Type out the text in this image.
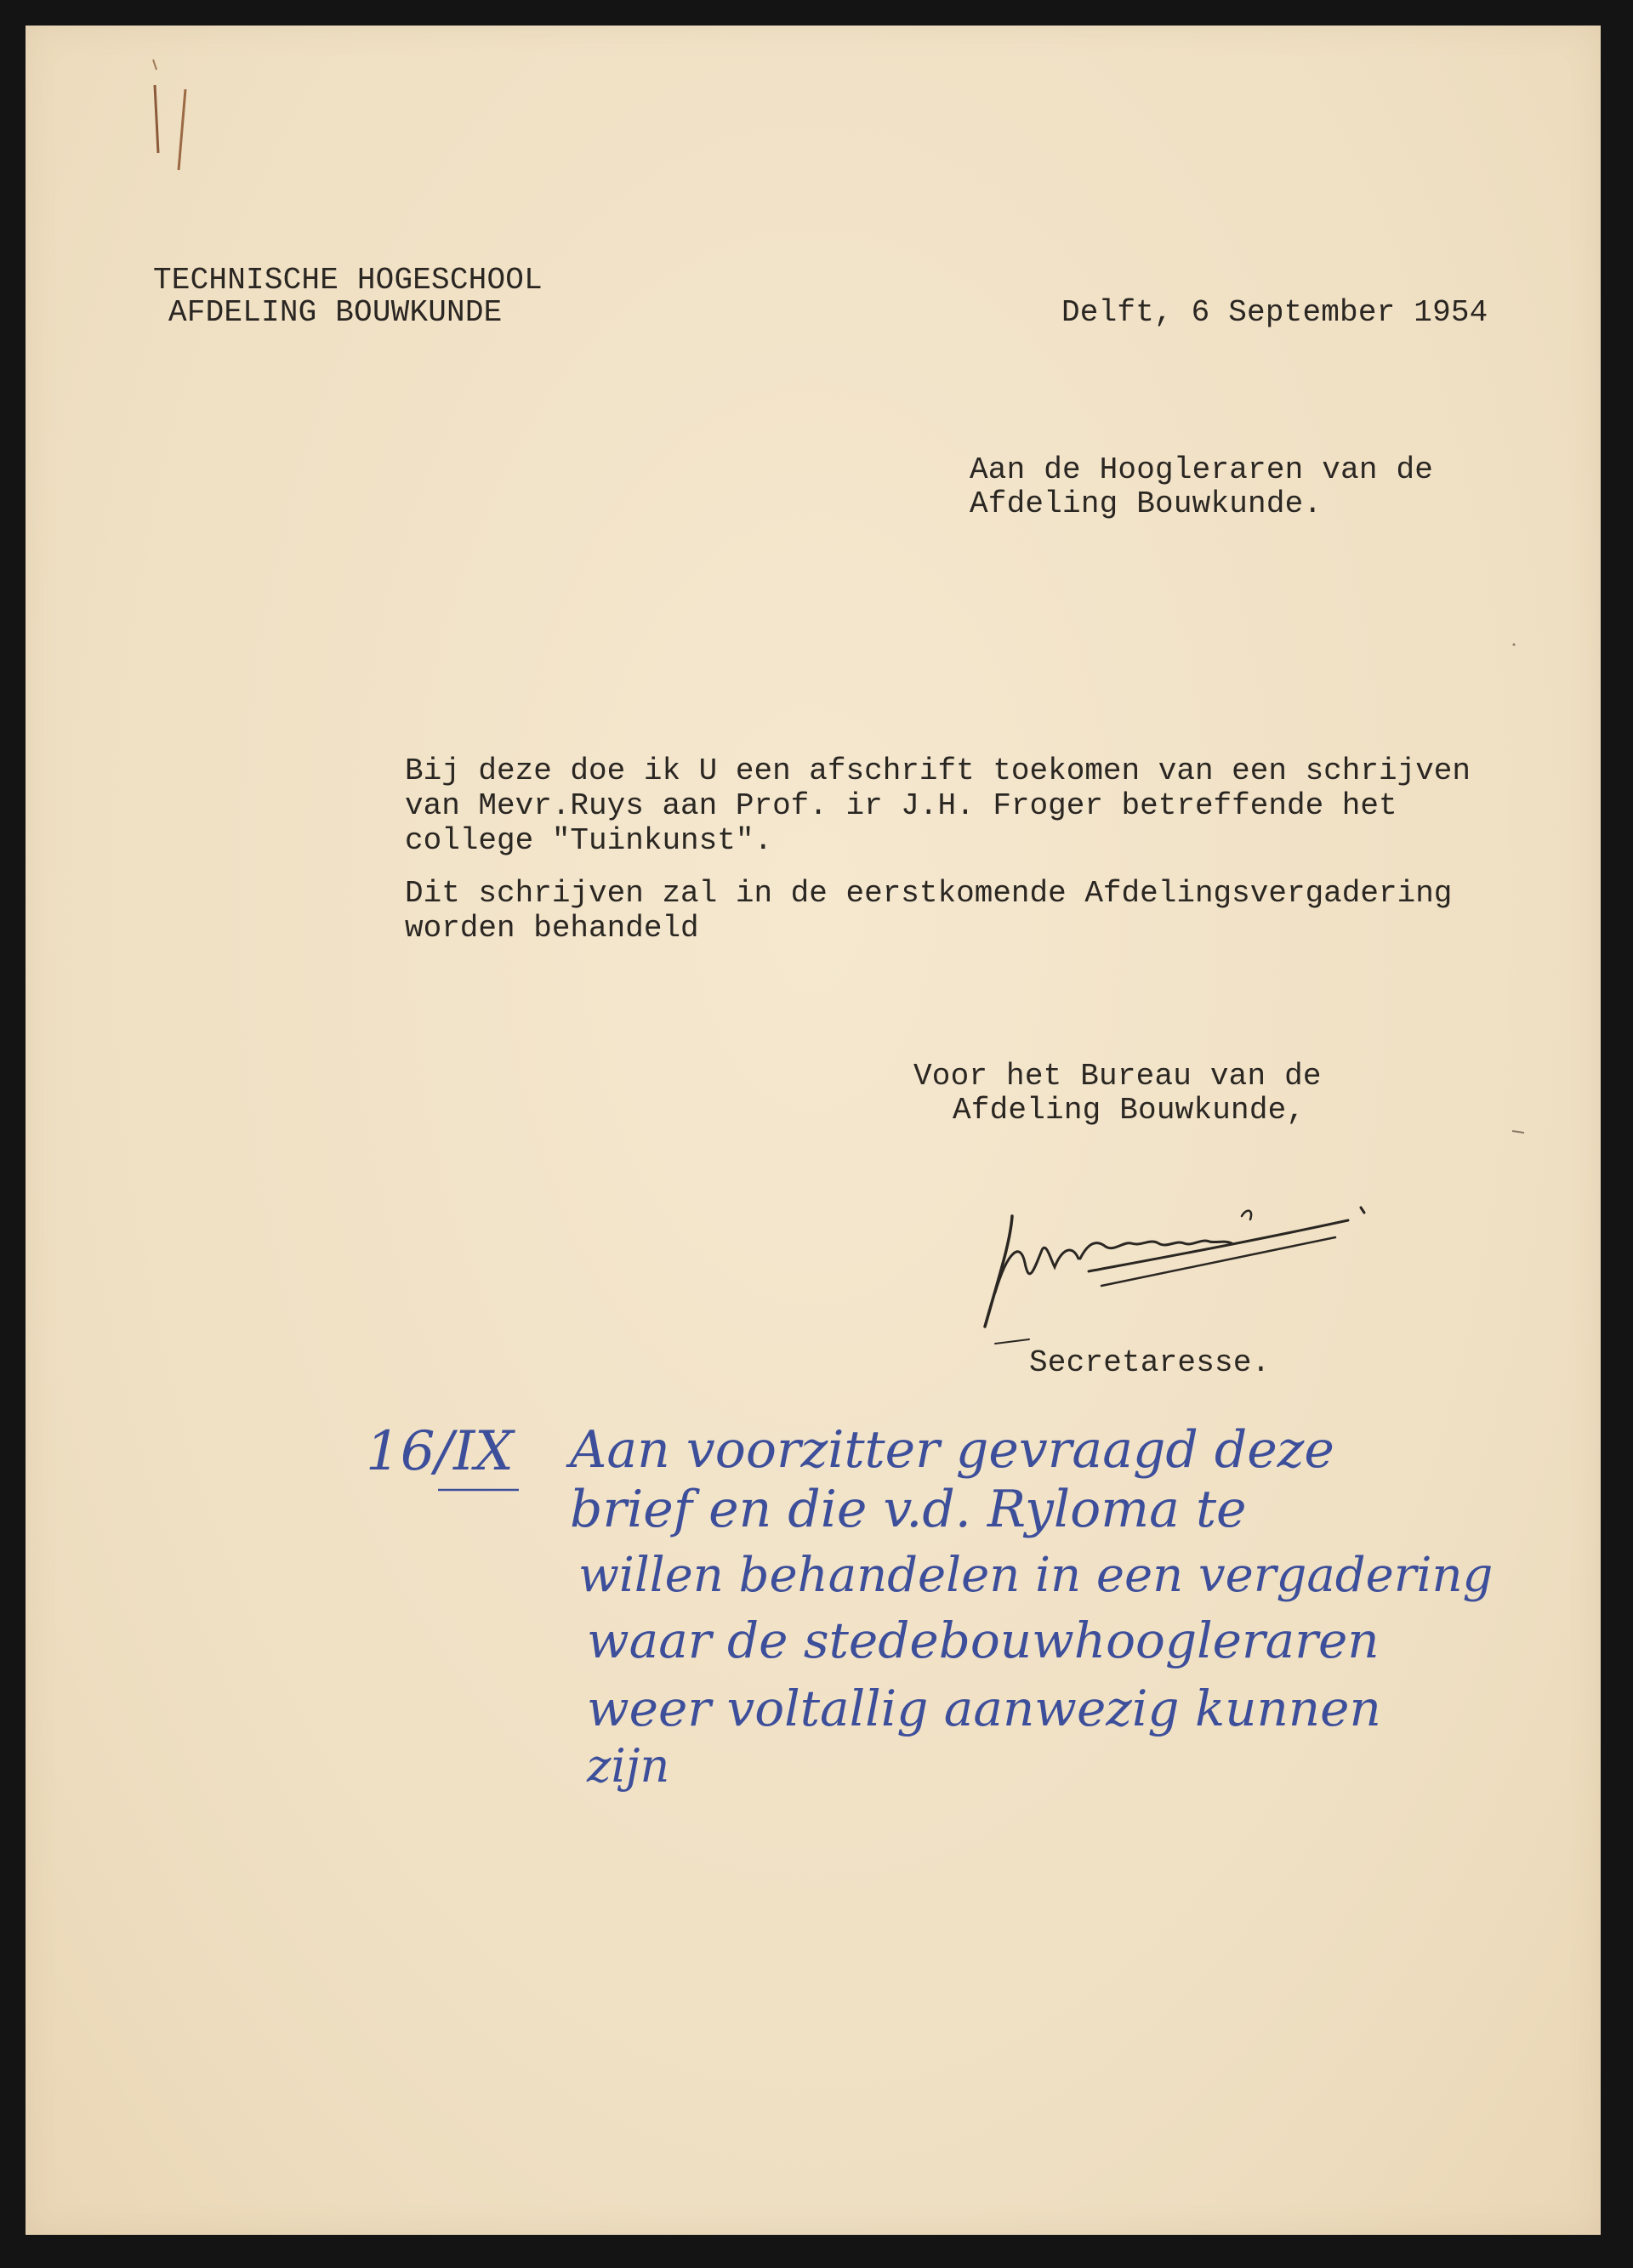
TECHNISCHE HOGESCHOOL
AFDELING BOUWKUNDE	Delft, 6 September 1954
Aan de Hoogleraren van de
Afdeling Bouwkunde.
Bij deze doe ik U een afschrift toekomen van een schrijven
van Mevr.Ruys aan Prof. ir J.H. Froger betreffende het
college "Tuinkunst".
Dit schrijven zal in de eerstkomende Afdelingsvergadering
worden behandeld
Voor het Bureau van de
Afdeling Bouwkunde,
Secretaresse.
16/IX Aan voorzitter gevraagd deze
brief en die v.d. Ryloma te
willen behandelen in een vergadering
waar de stedebouwhoogleraren
weer voltallig aanwezig kunnen
zijn
